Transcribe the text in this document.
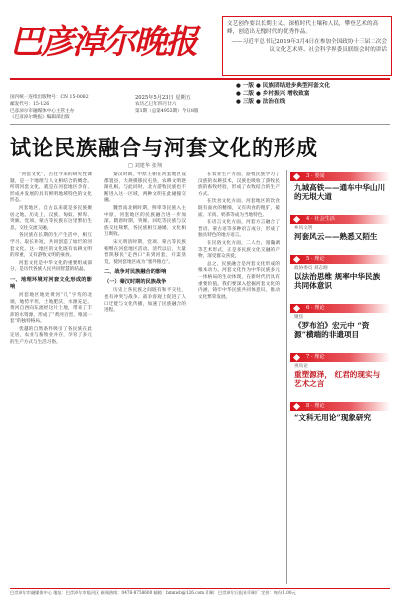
巴彦淖尔晚报	文艺创作要以长期主义、深植时代土壤和人民，攀登艺术的高峰，创造出无愧时代的优秀作品。
——习近平总书记2019年3月4日在参加全国政协十三届二次会议文化艺术界、社会科学界委员联组会时的讲话
国内统一连续出版物号：CN 15-0082
邮发代号：15-126
巴彦淖尔市融媒体中心主管主办
《巴彦淖尔晚报》编辑部出版
2025年5月23日 星期五
农历乙巳年四月廿六
第1期（总第4953期）今日8版
● 一版 ● 民族团结进步典型河套文化
● 二版 ● 乡村振兴 增收致富
● 三版 ● 法治在线
试论民族融合与河套文化的形成
□ 刘建华 张翔

“河套文化”，古往今来的研究性课题，是一个地理与人文相结合的概念。所谓河套文化，就是在河套地区孕育、形成并发展的具有鲜明地域特色的文化形态。

河套地区，自古以来就是多民族聚居之地。历史上，汉族、匈奴、鲜卑、突厥、党项、蒙古等民族在这里繁衍生息，交往交流交融。

各民族在长期的生产生活中，相互学习，取长补短，共同创造了灿烂的河套文化。这一地区的文化既有农耕文明的厚重，又有游牧文明的豪放。

河套文化是中华文化的重要组成部分，是历代各族人民共同智慧的结晶。

一、地理环境对河套文化形成的影响

河套地区地处黄河“几”字弯的北端，地势平坦，土地肥沃，水源充足。黄河自西向东流经这片土地，带来了丰沛的水资源，形成了“黄河百害，唯富一套”的独特格局。

优越的自然条件吸引了各民族在此定居，农业与畜牧业并存，孕育了多元的生产方式与生活习俗。

秦汉时期，中原王朝在河套地区设郡置县，大规模移民屯垦，农耕文明逐渐扎根。与此同时，北方游牧民族也不断进入这一区域，两种文明在此碰撞交融。

魏晋南北朝时期，鲜卑等民族入主中原，河套地区的民族融合进一步加深。隋唐时期，突厥、回纥等民族与汉族交往频繁，各民族相互通婚，文化相互吸收。

宋元明清时期，党项、蒙古等民族相继在河套地区活动。清代以后，大量晋陕移民“走西口”来到河套，开渠垦荒，使河套地区成为“塞外粮仓”。

二、战争对民族融合的影响

（一）秦汉时期的民族战争

历史上各民族之间既有和平交往，也有冲突与战争。战争客观上促进了人口迁徙与文化传播，加速了民族融合的进程。

在农业生产方面，游牧民族学习了汉族的农耕技术，汉族也吸收了游牧民族的畜牧经验，形成了农牧结合的生产方式。

在饮食文化方面，河套地区的饮食既有面食的精细，又有肉食的粗犷，莜面、羊肉、奶茶等成为当地特色。

在语言文化方面，河套方言融合了晋语、蒙古语等多种语言成分，形成了独具特色的地方语言。

在民俗文化方面，二人台、漫瀚调等艺术形式，正是多民族文化交融的产物，深受群众喜爱。

总之，民族融合是河套文化形成的根本动力。河套文化作为中华民族多元一体格局的生动体现，在新时代仍具有重要价值。我们要深入挖掘河套文化的内涵，铸牢中华民族共同体意识，推动文化繁荣发展。

3 · 要闻
九城高铁——通车中华山川的无垠大道
4 · 社会生活
乡风文明
河套风云——熟悉又陌生
5 · 理论
政协委员 刘志刚
以法治思维 规率中华民族共同体意识
6 · 理论
聚焦
《罗布泊》宏元中 “资源”横端的非遗项目
7 · 理论
视角论
重塑源泽， 红君的现实与艺术之言
8 · 理论
“文科无用论”现象研究
巴彦淖尔市融媒体中心 地址：巴彦淖尔市临河区 新闻热线：0478-8758600 邮箱：bmnwb@126.com 印刷：巴彦淖尔日报社印刷厂 定价：每份1.00元
